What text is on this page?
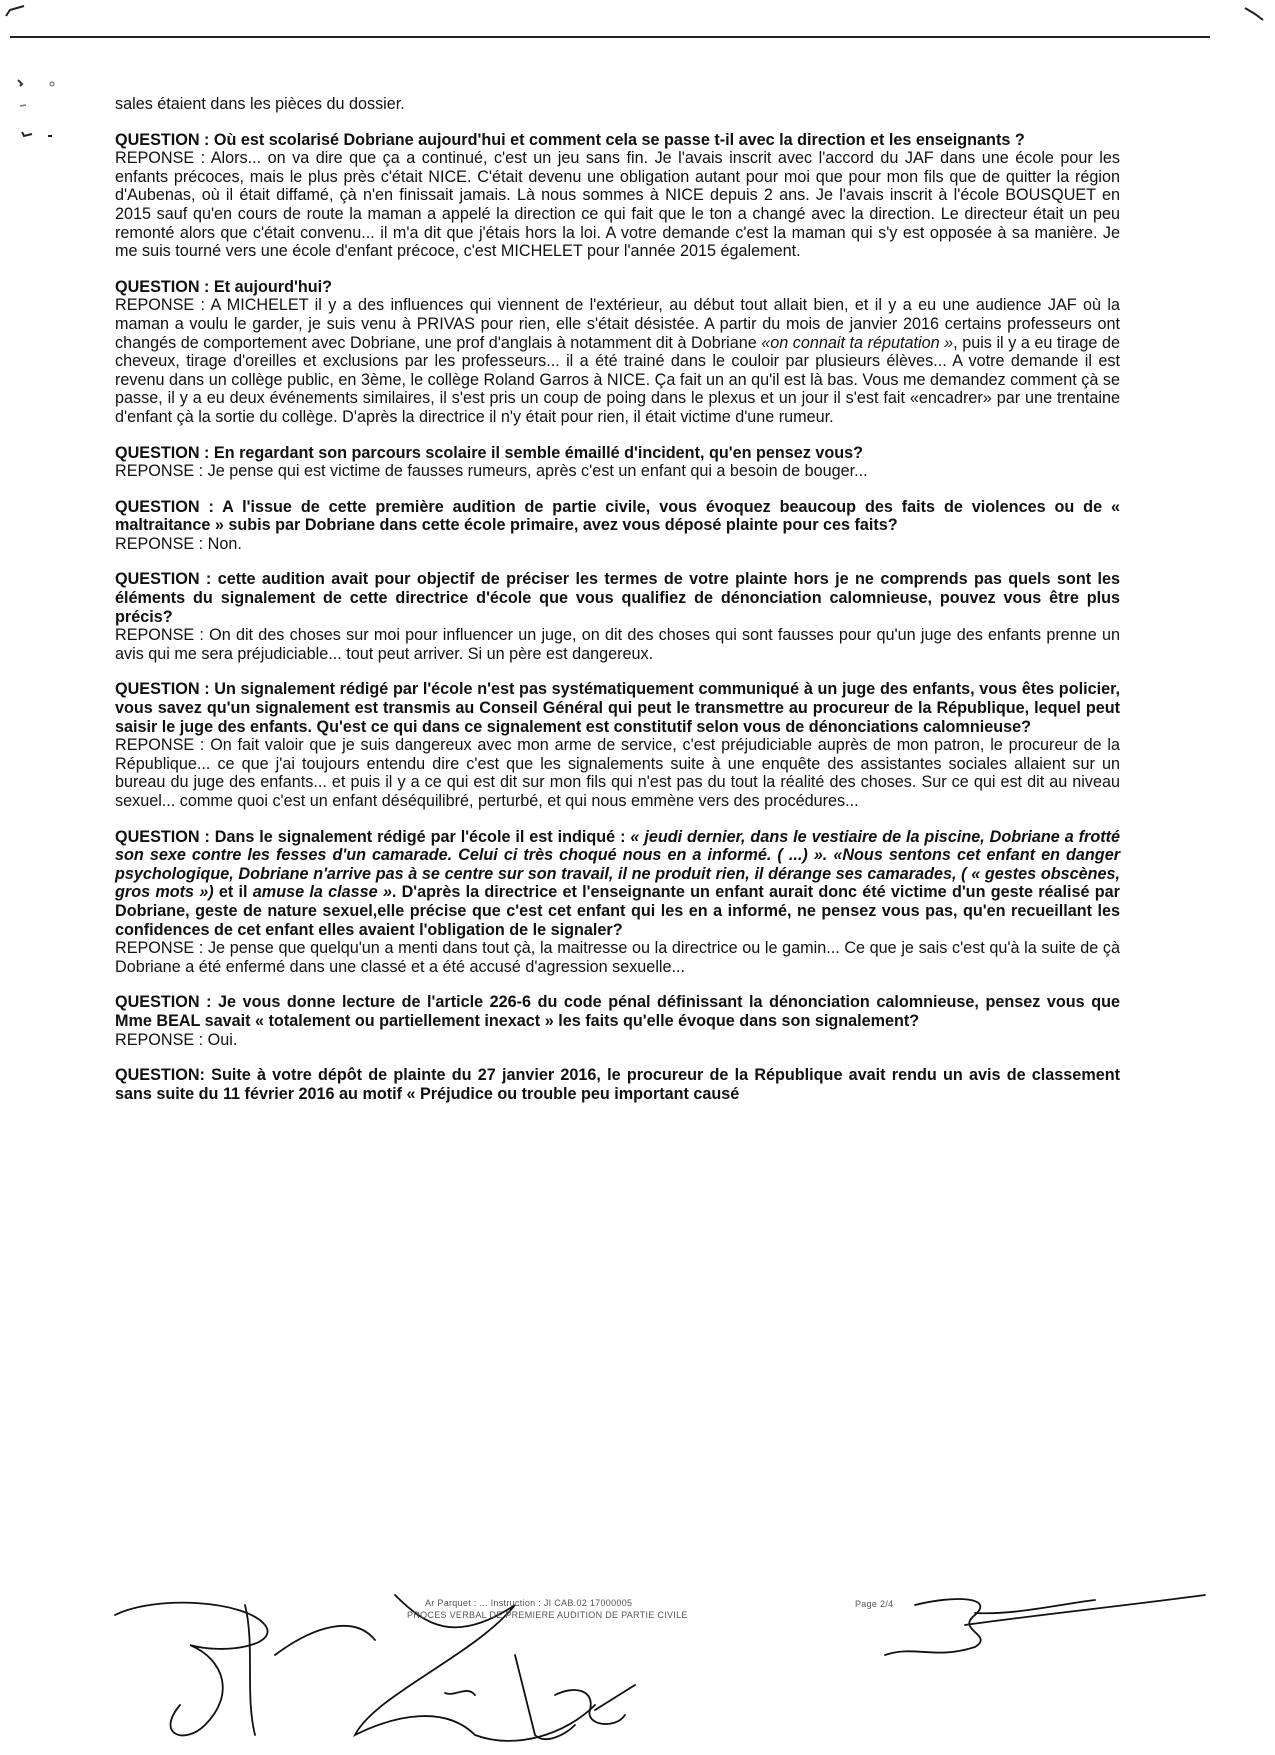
sales étaient dans les pièces du dossier.

QUESTION : Où est scolarisé Dobriane aujourd'hui et comment cela se passe t-il avec la direction et les enseignants ?

REPONSE : Alors... on va dire que ça a continué, c'est un jeu sans fin. Je l'avais inscrit avec l'accord du JAF dans une école pour les enfants précoces, mais le plus près c'était NICE. C'était devenu une obligation autant pour moi que pour mon fils que de quitter la région d'Aubenas, où il était diffamé, çà n'en finissait jamais. Là nous sommes à NICE depuis 2 ans. Je l'avais inscrit à l'école BOUSQUET en 2015 sauf qu'en cours de route la maman a appelé la direction ce qui fait que le ton a changé avec la direction. Le directeur était un peu remonté alors que c'était convenu... il m'a dit que j'étais hors la loi. A votre demande c'est la maman qui s'y est opposée à sa manière. Je me suis tourné vers une école d'enfant précoce, c'est MICHELET pour l'année 2015 également.

QUESTION : Et aujourd'hui?

REPONSE : A MICHELET il y a des influences qui viennent de l'extérieur, au début tout allait bien, et il y a eu une audience JAF où la maman a voulu le garder, je suis venu à PRIVAS pour rien, elle s'était désistée. A partir du mois de janvier 2016 certains professeurs ont changés de comportement avec Dobriane, une prof d'anglais à notamment dit à Dobriane «on connait ta réputation », puis il y a eu tirage de cheveux, tirage d'oreilles et exclusions par les professeurs... il a été trainé dans le couloir par plusieurs élèves... A votre demande il est revenu dans un collège public, en 3ème, le collège Roland Garros à NICE. Ça fait un an qu'il est là bas. Vous me demandez comment çà se passe, il y a eu deux événements similaires, il s'est pris un coup de poing dans le plexus et un jour il s'est fait «encadrer» par une trentaine d'enfant çà la sortie du collège. D'après la directrice il n'y était pour rien, il était victime d'une rumeur.

QUESTION : En regardant son parcours scolaire il semble émaillé d'incident, qu'en pensez vous?

REPONSE : Je pense qui est victime de fausses rumeurs, après c'est un enfant qui a besoin de bouger...

QUESTION : A l'issue de cette première audition de partie civile, vous évoquez beaucoup des faits de violences ou de « maltraitance » subis par Dobriane dans cette école primaire, avez vous déposé plainte pour ces faits?

REPONSE : Non.

QUESTION : cette audition avait pour objectif de préciser les termes de votre plainte hors je ne comprends pas quels sont les éléments du signalement de cette directrice d'école que vous qualifiez de dénonciation calomnieuse, pouvez vous être plus précis?

REPONSE : On dit des choses sur moi pour influencer un juge, on dit des choses qui sont fausses pour qu'un juge des enfants prenne un avis qui me sera préjudiciable... tout peut arriver. Si un père est dangereux.

QUESTION : Un signalement rédigé par l'école n'est pas systématiquement communiqué à un juge des enfants, vous êtes policier, vous savez qu'un signalement est transmis au Conseil Général qui peut le transmettre au procureur de la République, lequel peut saisir le juge des enfants. Qu'est ce qui dans ce signalement est constitutif selon vous de dénonciations calomnieuse?

REPONSE : On fait valoir que je suis dangereux avec mon arme de service, c'est préjudiciable auprès de mon patron, le procureur de la République... ce que j'ai toujours entendu dire c'est que les signalements suite à une enquête des assistantes sociales allaient sur un bureau du juge des enfants... et puis il y a ce qui est dit sur mon fils qui n'est pas du tout la réalité des choses. Sur ce qui est dit au niveau sexuel... comme quoi c'est un enfant déséquilibré, perturbé, et qui nous emmène vers des procédures...

QUESTION : Dans le signalement rédigé par l'école il est indiqué : « jeudi dernier, dans le vestiaire de la piscine, Dobriane a frotté son sexe contre les fesses d'un camarade. Celui ci très choqué nous en a informé. ( ...) ». «Nous sentons cet enfant en danger psychologique, Dobriane n'arrive pas à se centre sur son travail, il ne produit rien, il dérange ses camarades, ( « gestes obscènes, gros mots ») et il amuse la classe ». D'après la directrice et l'enseignante un enfant aurait donc été victime d'un geste réalisé par Dobriane, geste de nature sexuel,elle précise que c'est cet enfant qui les en a informé, ne pensez vous pas, qu'en recueillant les confidences de cet enfant elles avaient l'obligation de le signaler?

REPONSE : Je pense que quelqu'un a menti dans tout çà, la maitresse ou la directrice ou le gamin... Ce que je sais c'est qu'à la suite de çà Dobriane a été enfermé dans une classé et a été accusé d'agression sexuelle...

QUESTION : Je vous donne lecture de l'article 226-6 du code pénal définissant la dénonciation calomnieuse, pensez vous que Mme BEAL savait « totalement ou partiellement inexact » les faits qu'elle évoque dans son signalement?

REPONSE : Oui.

QUESTION: Suite à votre dépôt de plainte du 27 janvier 2016, le procureur de la République avait rendu un avis de classement sans suite du 11 février 2016 au motif « Préjudice ou trouble peu important causé

Ar Parquet : ... Instruction : JI CAB.02 17000005
PROCES VERBAL DE PREMIERE AUDITION DE PARTIE CIVILE
Page 2/4
